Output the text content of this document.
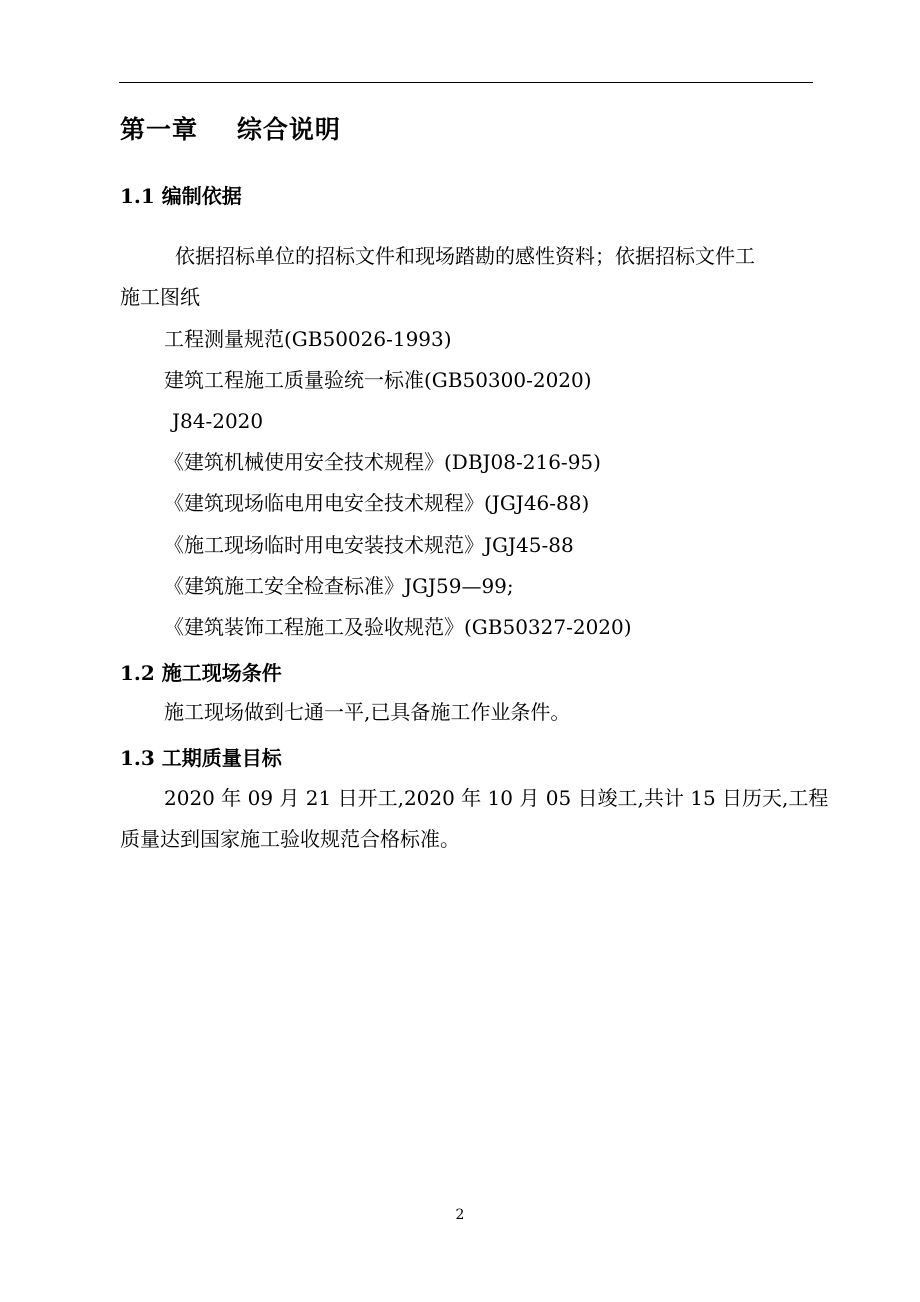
第一章    综合说明
1.1 编制依据
依据招标单位的招标文件和现场踏勘的感性资料；依据招标文件工
施工图纸
工程测量规范(GB50026-1993)
建筑工程施工质量验统一标准(GB50300-2020)
J84-2020
《建筑机械使用安全技术规程》(DBJ08-216-95)
《建筑现场临电用电安全技术规程》(JGJ46-88)
《施工现场临时用电安装技术规范》JGJ45-88
《建筑施工安全检查标准》JGJ59—99;
《建筑装饰工程施工及验收规范》(GB50327-2020)
1.2 施工现场条件
施工现场做到七通一平,已具备施工作业条件。
1.3 工期质量目标
2020 年 09 月 21 日开工,2020 年 10 月 05 日竣工,共计 15 日历天,工程
质量达到国家施工验收规范合格标准。
2
